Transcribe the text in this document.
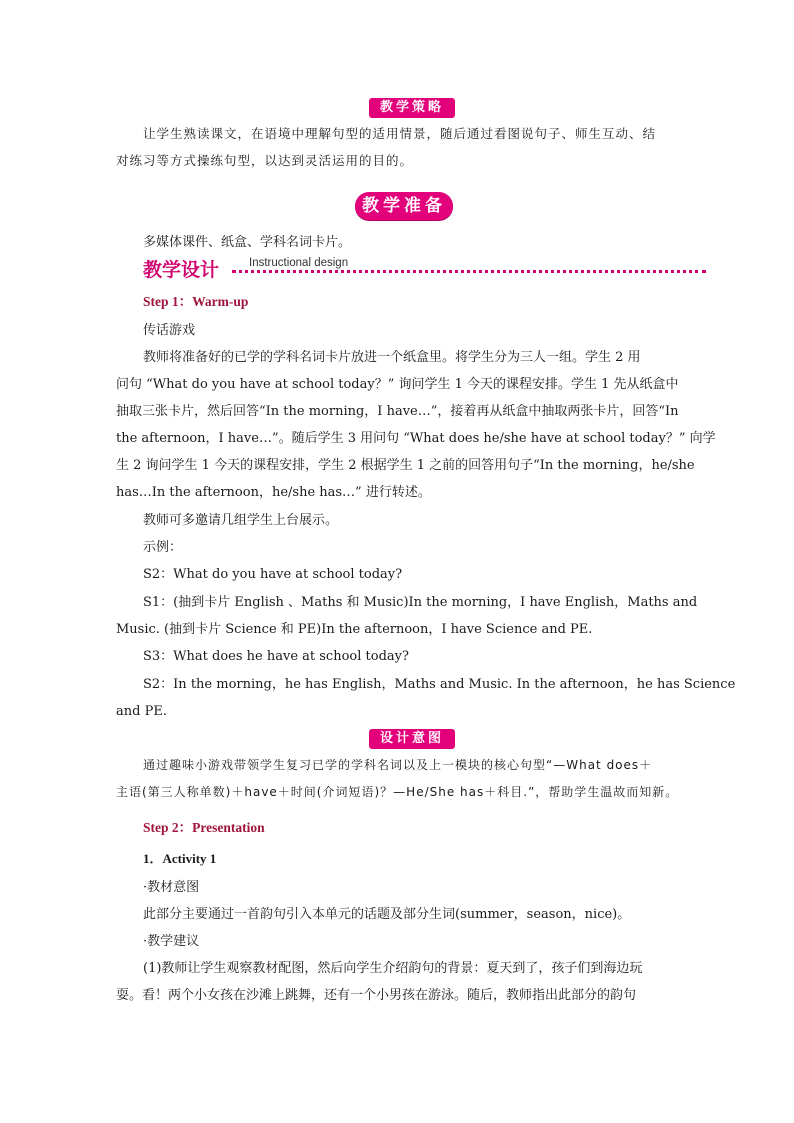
教学策略
让学生熟读课文，在语境中理解句型的适用情景，随后通过看图说句子、师生互动、结
对练习等方式操练句型，以达到灵活运用的目的。
教学准备
多媒体课件、纸盒、学科名词卡片。
教学设计	Instructional design
Step 1：Warm-up
传话游戏
教师将准备好的已学的学科名词卡片放进一个纸盒里。将学生分为三人一组。学生 2 用
问句 “What do you have at school today？” 询问学生 1 今天的课程安排。学生 1 先从纸盒中
抽取三张卡片，然后回答“In the morning，I have…”，接着再从纸盒中抽取两张卡片，回答“In
the afternoon，I have…”。随后学生 3 用问句 “What does he/she have at school today？” 向学
生 2 询问学生 1 今天的课程安排，学生 2 根据学生 1 之前的回答用句子“In the morning，he/she
has…In the afternoon，he/she has…” 进行转述。
教师可多邀请几组学生上台展示。
示例：
S2：What do you have at school today?
S1：(抽到卡片 English 、Maths 和 Music)In the morning，I have English，Maths and
Music. (抽到卡片 Science 和 PE)In the afternoon，I have Science and PE.
S3：What does he have at school today?
S2：In the morning，he has English，Maths and Music. In the afternoon，he has Science
and PE.
设计意图
通过趣味小游戏带领学生复习已学的学科名词以及上一模块的核心句型“—What does＋
主语(第三人称单数)＋have＋时间(介词短语)？—He/She has＋科目.”，帮助学生温故而知新。
Step 2：Presentation
1．Activity 1
·教材意图
此部分主要通过一首韵句引入本单元的话题及部分生词(summer，season，nice)。
·教学建议
(1)教师让学生观察教材配图，然后向学生介绍韵句的背景：夏天到了，孩子们到海边玩
耍。看！两个小女孩在沙滩上跳舞，还有一个小男孩在游泳。随后，教师指出此部分的韵句
